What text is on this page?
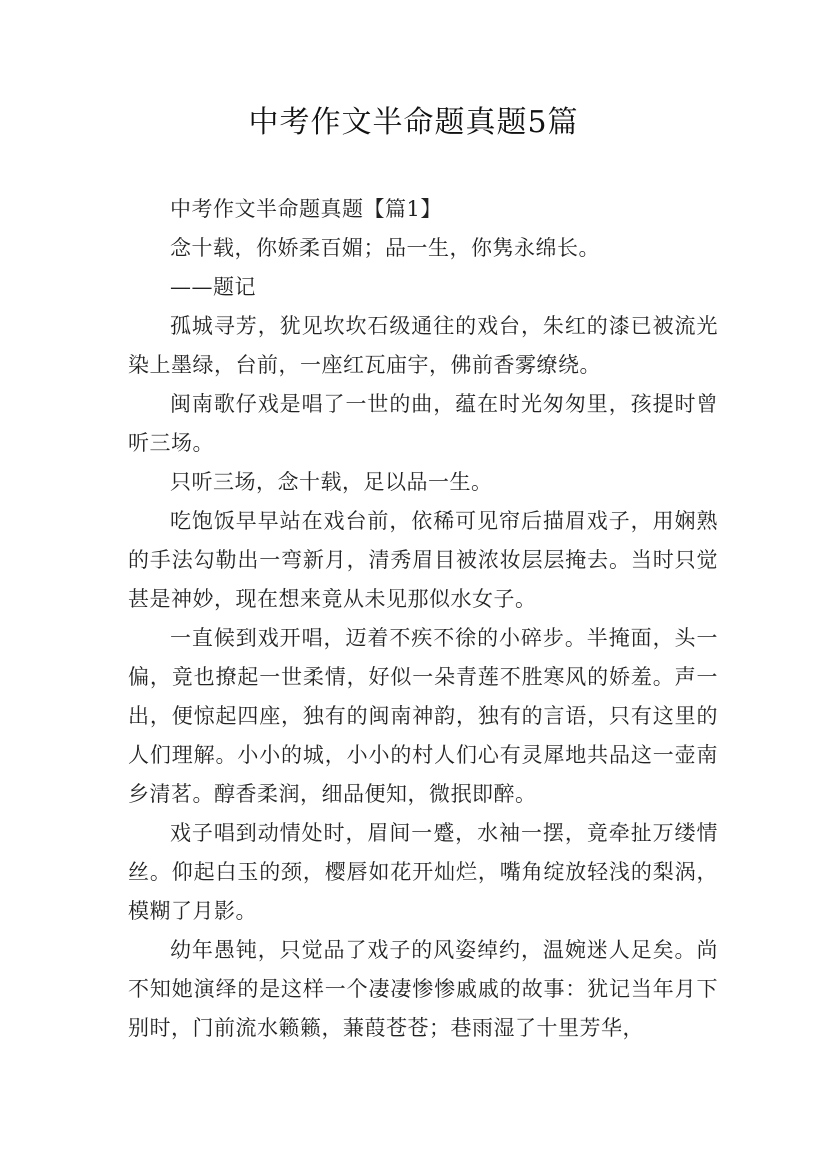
中考作文半命题真题5篇

中考作文半命题真题【篇1】

念十载，你娇柔百媚；品一生，你隽永绵长。

——题记

孤城寻芳，犹见坎坎石级通往的戏台，朱红的漆已被流光染上墨绿，台前，一座红瓦庙宇，佛前香雾缭绕。

闽南歌仔戏是唱了一世的曲，蕴在时光匆匆里，孩提时曾听三场。

只听三场，念十载，足以品一生。

吃饱饭早早站在戏台前，依稀可见帘后描眉戏子，用娴熟的手法勾勒出一弯新月，清秀眉目被浓妆层层掩去。当时只觉甚是神妙，现在想来竟从未见那似水女子。

一直候到戏开唱，迈着不疾不徐的小碎步。半掩面，头一偏，竟也撩起一世柔情，好似一朵青莲不胜寒风的娇羞。声一出，便惊起四座，独有的闽南神韵，独有的言语，只有这里的人们理解。小小的城，小小的村人们心有灵犀地共品这一壶南乡清茗。醇香柔润，细品便知，微抿即醉。

戏子唱到动情处时，眉间一蹙，水袖一摆，竟牵扯万缕情丝。仰起白玉的颈，樱唇如花开灿烂，嘴角绽放轻浅的梨涡，模糊了月影。

幼年愚钝，只觉品了戏子的风姿绰约，温婉迷人足矣。尚不知她演绎的是这样一个凄凄惨惨戚戚的故事：犹记当年月下别时，门前流水籁籁，蒹葭苍苍；巷雨湿了十里芳华，
